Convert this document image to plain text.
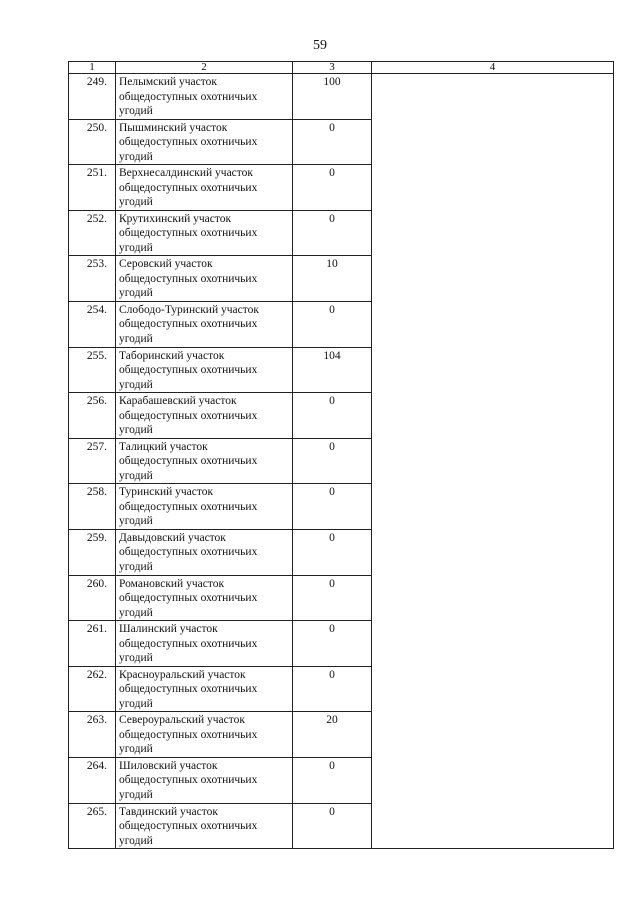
59
1	2	3	4
249.	Пелымский участок
общедоступных охотничьих
угодий	100	
250.	Пышминский участок
общедоступных охотничьих
угодий	0	
251.	Верхнесалдинский участок
общедоступных охотничьих
угодий	0	
252.	Крутихинский участок
общедоступных охотничьих
угодий	0	
253.	Серовский участок
общедоступных охотничьих
угодий	10	
254.	Слободо-Туринский участок
общедоступных охотничьих
угодий	0	
255.	Таборинский участок
общедоступных охотничьих
угодий	104	
256.	Карабашевский участок
общедоступных охотничьих
угодий	0	
257.	Талицкий участок
общедоступных охотничьих
угодий	0	
258.	Туринский участок
общедоступных охотничьих
угодий	0	
259.	Давыдовский участок
общедоступных охотничьих
угодий	0	
260.	Романовский участок
общедоступных охотничьих
угодий	0	
261.	Шалинский участок
общедоступных охотничьих
угодий	0	
262.	Красноуральский участок
общедоступных охотничьих
угодий	0	
263.	Североуральский участок
общедоступных охотничьих
угодий	20	
264.	Шиловский участок
общедоступных охотничьих
угодий	0	
265.	Тавдинский участок
общедоступных охотничьих
угодий	0	
